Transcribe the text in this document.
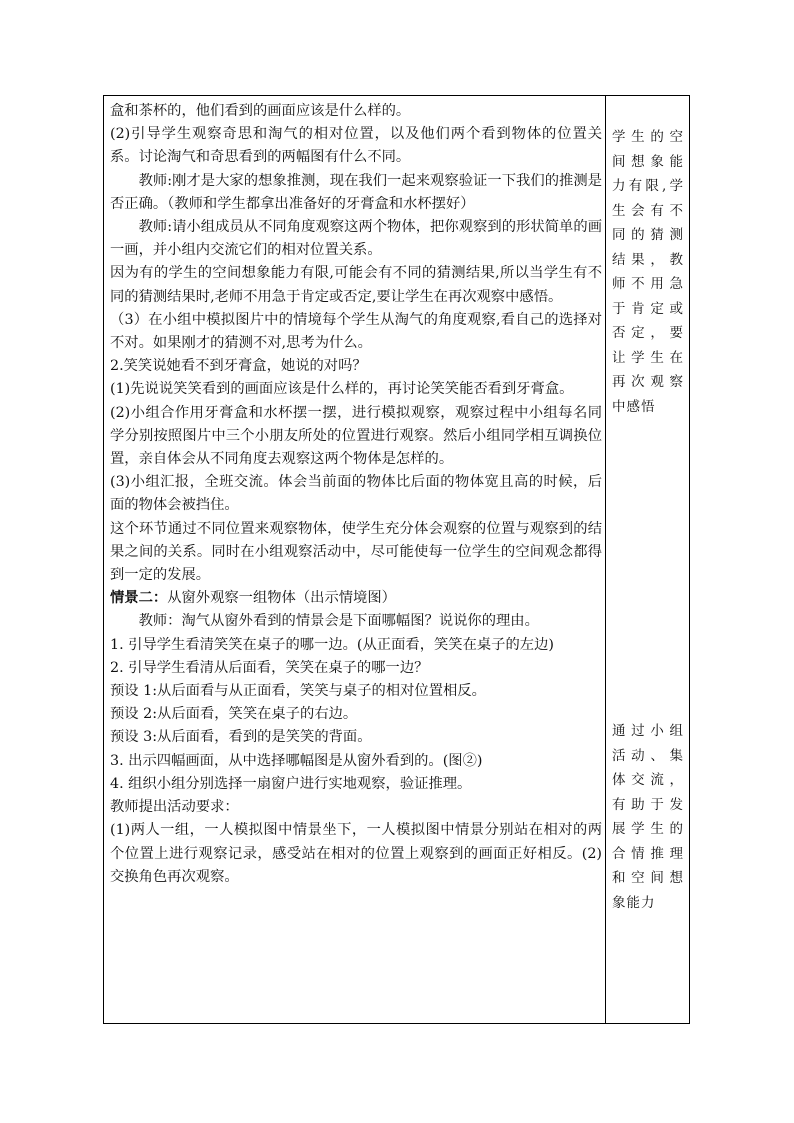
盒和茶杯的，他们看到的画面应该是什么样的。

(2)引导学生观察奇思和淘气的相对位置，以及他们两个看到物体的位置关系。讨论淘气和奇思看到的两幅图有什么不同。

教师:刚才是大家的想象推测，现在我们一起来观察验证一下我们的推测是否正确。（教师和学生都拿出准备好的牙膏盒和水杯摆好）

教师:请小组成员从不同角度观察这两个物体，把你观察到的形状简单的画一画，并小组内交流它们的相对位置关系。

因为有的学生的空间想象能力有限,可能会有不同的猜测结果,所以当学生有不同的猜测结果时,老师不用急于肯定或否定,要让学生在再次观察中感悟。

（3）在小组中模拟图片中的情境每个学生从淘气的角度观察,看自己的选择对不对。如果刚才的猜测不对,思考为什么。

2.笑笑说她看不到牙膏盒，她说的对吗？

(1)先说说笑笑看到的画面应该是什么样的，再讨论笑笑能否看到牙膏盒。

(2)小组合作用牙膏盒和水杯摆一摆，进行模拟观察，观察过程中小组每名同学分别按照图片中三个小朋友所处的位置进行观察。然后小组同学相互调换位置，亲自体会从不同角度去观察这两个物体是怎样的。

(3)小组汇报，全班交流。体会当前面的物体比后面的物体宽且高的时候，后面的物体会被挡住。

这个环节通过不同位置来观察物体，使学生充分体会观察的位置与观察到的结果之间的关系。同时在小组观察活动中，尽可能使每一位学生的空间观念都得到一定的发展。

情景二：从窗外观察一组物体（出示情境图）

教师：淘气从窗外看到的情景会是下面哪幅图？说说你的理由。

1. 引导学生看清笑笑在桌子的哪一边。(从正面看，笑笑在桌子的左边)

2. 引导学生看清从后面看，笑笑在桌子的哪一边？

预设 1:从后面看与从正面看，笑笑与桌子的相对位置相反。

预设 2:从后面看，笑笑在桌子的右边。

预设 3:从后面看，看到的是笑笑的背面。

3. 出示四幅画面，从中选择哪幅图是从窗外看到的。(图②)

4. 组织小组分别选择一扇窗户进行实地观察，验证推理。

教师提出活动要求：

(1)两人一组，一人模拟图中情景坐下，一人模拟图中情景分别站在相对的两个位置上进行观察记录，感受站在相对的位置上观察到的画面正好相反。(2)交换角色再次观察。

学生的空间想象能力有限,学生会有不同的猜测结果，教师不用急于肯定或否定，要让学生在再次观察中感悟
通过小组活动、集体交流，有助于发展学生的合情推理和空间想象能力
